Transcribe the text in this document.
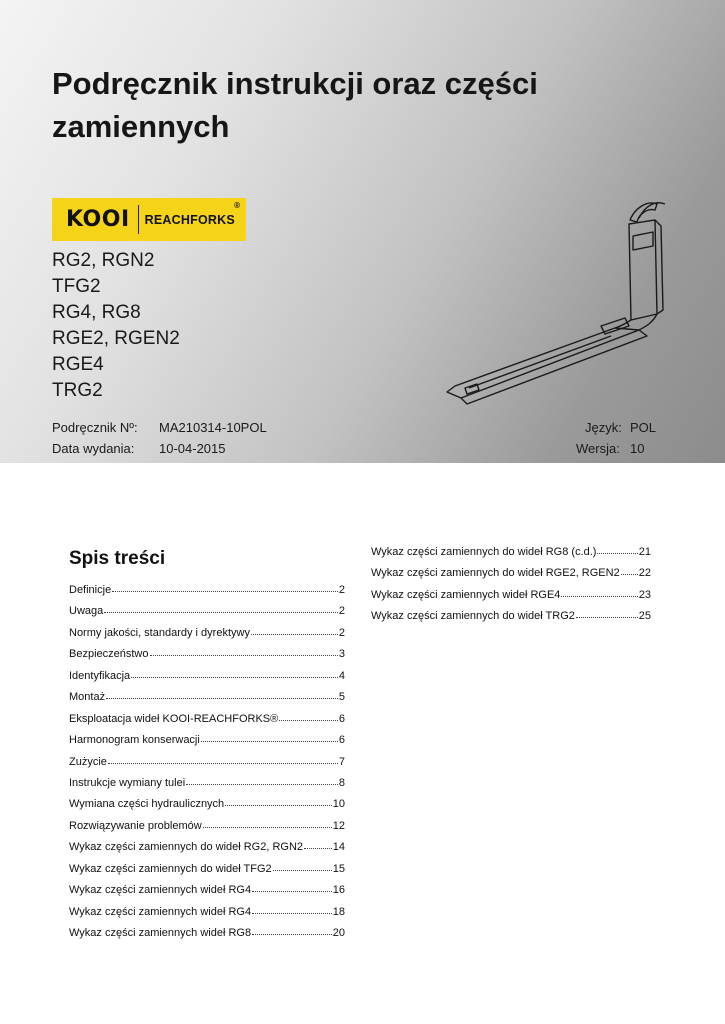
Podręcznik instrukcji oraz części zamiennych
KOOI REACHFORKS
®
RG2, RGN2
TFG2
RG4, RG8
RGE2, RGEN2
RGE4
TRG2
Podręcznik Nº: MA210314-10POL
Data wydania: 10-04-2015
Język: POL
Wersja: 10
Spis treści
Definicje	2
Uwaga	2
Normy jakości, standardy i dyrektywy	2
Bezpieczeństwo	3
Identyfikacja	4
Montaż	5
Eksploatacja wideł KOOI-REACHFORKS®	6
Harmonogram konserwacji	6
Zużycie	7
Instrukcje wymiany tulei	8
Wymiana części hydraulicznych	10
Rozwiązywanie problemów	12
Wykaz części zamiennych do wideł RG2, RGN2	14
Wykaz części zamiennych do wideł TFG2	15
Wykaz części zamiennych wideł RG4	16
Wykaz części zamiennych wideł RG4	18
Wykaz części zamiennych wideł RG8	20
Wykaz części zamiennych do wideł RG8 (c.d.)	21
Wykaz części zamiennych do wideł RGE2, RGEN2 22
Wykaz części zamiennych wideł RGE4	23
Wykaz części zamiennych do wideł TRG2	25
